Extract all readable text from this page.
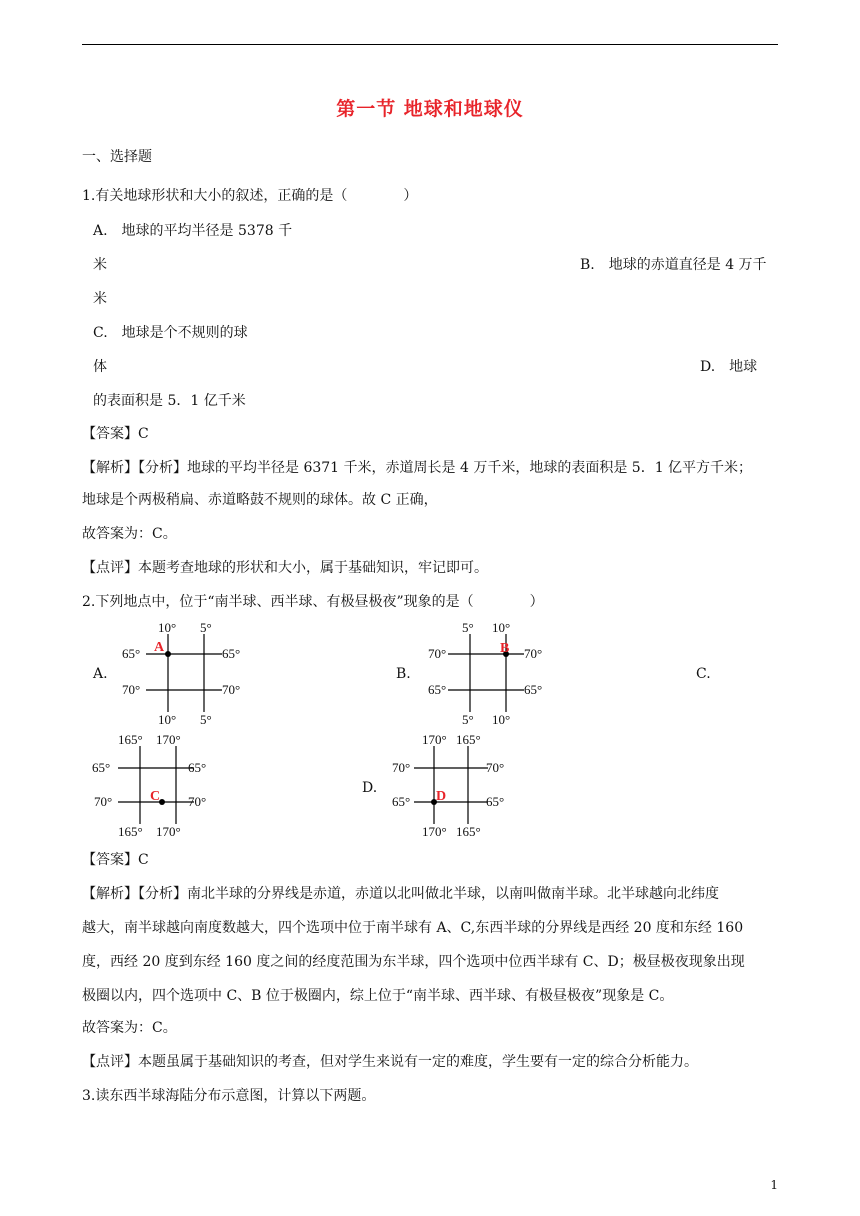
第一节 地球和地球仪
一、选择题
1.有关地球形状和大小的叙述，正确的是（　　　　）
A.　地球的平均半径是 5378 千
米	B.　地球的赤道直径是 4 万千
米
C.　地球是个不规则的球
体	D.　地球
的表面积是 5．1 亿千米
【答案】C
【解析】【分析】地球的平均半径是 6371 千米，赤道周长是 4 万千米，地球的表面积是 5．1 亿平方千米；
地球是个两极稍扁、赤道略鼓不规则的球体。故 C 正确，
故答案为：C。
【点评】本题考查地球的形状和大小，属于基础知识，牢记即可。
2.下列地点中，位于“南半球、西半球、有极昼极夜”现象的是（　　　　）
A.
10° 5°
10° 5°
65°
70°
65°
70°
A
B.
5° 10°
5° 10°
70°
65°
70°
65°
B
C.
165° 170°
165° 170°
65°
70°
65°
70°
C
D.
170° 165°
170° 165°
70°
65°
70°
65°
D
【答案】C
【解析】【分析】南北半球的分界线是赤道，赤道以北叫做北半球，以南叫做南半球。北半球越向北纬度
越大，南半球越向南度数越大，四个选项中位于南半球有 A、C,东西半球的分界线是西经 20 度和东经 160
度，西经 20 度到东经 160 度之间的经度范围为东半球，四个选项中位西半球有 C、D；极昼极夜现象出现
极圈以内，四个选项中 C、B 位于极圈内，综上位于“南半球、西半球、有极昼极夜”现象是 C。
故答案为：C。
【点评】本题虽属于基础知识的考查，但对学生来说有一定的难度，学生要有一定的综合分析能力。
3.读东西半球海陆分布示意图，计算以下两题。
1
